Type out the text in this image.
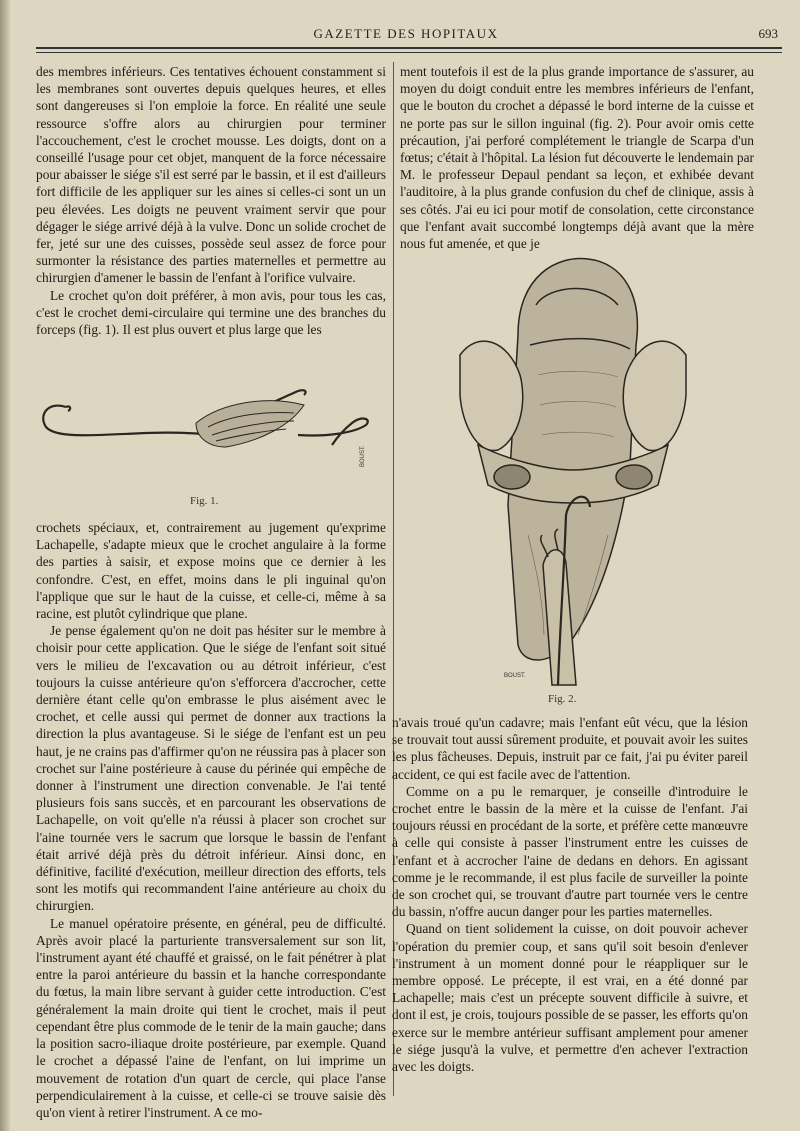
GAZETTE DES HOPITAUX	693

des membres inférieurs. Ces tentatives échouent constamment si les membranes sont ouvertes depuis quelques heures, et elles sont dangereuses si l'on emploie la force. En réalité une seule ressource s'offre alors au chirurgien pour terminer l'accouchement, c'est le crochet mousse. Les doigts, dont on a conseillé l'usage pour cet objet, manquent de la force nécessaire pour abaisser le siége s'il est serré par le bassin, et il est d'ailleurs fort difficile de les appliquer sur les aines si celles-ci sont un un peu élevées. Les doigts ne peuvent vraiment servir que pour dégager le siége arrivé déjà à la vulve. Donc un solide crochet de fer, jeté sur une des cuisses, possède seul assez de force pour surmonter la résistance des parties maternelles et permettre au chirurgien d'amener le bassin de l'enfant à l'orifice vulvaire.

Le crochet qu'on doit préférer, à mon avis, pour tous les cas, c'est le crochet demi-circulaire qui termine une des branches du forceps (fig. 1). Il est plus ouvert et plus large que les

BOUST.
Fig. 1.

crochets spéciaux, et, contrairement au jugement qu'exprime Lachapelle, s'adapte mieux que le crochet angulaire à la forme des parties à saisir, et expose moins que ce dernier à les confondre. C'est, en effet, moins dans le pli inguinal qu'on l'applique que sur le haut de la cuisse, et celle-ci, même à sa racine, est plutôt cylindrique que plane.

Je pense également qu'on ne doit pas hésiter sur le membre à choisir pour cette application. Que le siége de l'enfant soit situé vers le milieu de l'excavation ou au détroit inférieur, c'est toujours la cuisse antérieure qu'on s'efforcera d'accrocher, cette dernière étant celle qu'on embrasse le plus aisément avec le crochet, et celle aussi qui permet de donner aux tractions la direction la plus avantageuse. Si le siége de l'enfant est un peu haut, je ne crains pas d'affirmer qu'on ne réussira pas à placer son crochet sur l'aine postérieure à cause du périnée qui empêche de donner à l'instrument une direction convenable. Je l'ai tenté plusieurs fois sans succès, et en parcourant les observations de Lachapelle, on voit qu'elle n'a réussi à placer son crochet sur l'aine tournée vers le sacrum que lorsque le bassin de l'enfant était arrivé déjà près du détroit inférieur. Ainsi donc, en définitive, facilité d'exécution, meilleur direction des efforts, tels sont les motifs qui recommandent l'aine antérieure au choix du chirurgien.

Le manuel opératoire présente, en général, peu de difficulté. Après avoir placé la parturiente transversalement sur son lit, l'instrument ayant été chauffé et graissé, on le fait pénétrer à plat entre la paroi antérieure du bassin et la hanche correspondante du fœtus, la main libre servant à guider cette introduction. C'est généralement la main droite qui tient le crochet, mais il peut cependant être plus commode de le tenir de la main gauche; dans la position sacro-iliaque droite postérieure, par exemple. Quand le crochet a dépassé l'aine de l'enfant, on lui imprime un mouvement de rotation d'un quart de cercle, qui place l'anse perpendiculairement à la cuisse, et celle-ci se trouve saisie dès qu'on vient à retirer l'instrument. A ce mo-

ment toutefois il est de la plus grande importance de s'assurer, au moyen du doigt conduit entre les membres inférieurs de l'enfant, que le bouton du crochet a dépassé le bord interne de la cuisse et ne porte pas sur le sillon inguinal (fig. 2). Pour avoir omis cette précaution, j'ai perforé complétement le triangle de Scarpa d'un fœtus; c'était à l'hôpital. La lésion fut découverte le lendemain par M. le professeur Depaul pendant sa leçon, et exhibée devant l'auditoire, à la plus grande confusion du chef de clinique, assis à ses côtés. J'ai eu ici pour motif de consolation, cette circonstance que l'enfant avait succombé longtemps déjà avant que la mère nous fut amenée, et que je

BOUST.
Fig. 2.

n'avais troué qu'un cadavre; mais l'enfant eût vécu, que la lésion se trouvait tout aussi sûrement produite, et pouvait avoir les suites les plus fâcheuses. Depuis, instruit par ce fait, j'ai pu éviter pareil accident, ce qui est facile avec de l'attention.

Comme on a pu le remarquer, je conseille d'introduire le crochet entre le bassin de la mère et la cuisse de l'enfant. J'ai toujours réussi en procédant de la sorte, et préfère cette manœuvre à celle qui consiste à passer l'instrument entre les cuisses de l'enfant et à accrocher l'aine de dedans en dehors. En agissant comme je le recommande, il est plus facile de surveiller la pointe de son crochet qui, se trouvant d'autre part tournée vers le centre du bassin, n'offre aucun danger pour les parties maternelles.

Quand on tient solidement la cuisse, on doit pouvoir achever l'opération du premier coup, et sans qu'il soit besoin d'enlever l'instrument à un moment donné pour le réappliquer sur le membre opposé. Le précepte, il est vrai, en a été donné par Lachapelle; mais c'est un précepte souvent difficile à suivre, et dont il est, je crois, toujours possible de se passer, les efforts qu'on exerce sur le membre antérieur suffisant amplement pour amener le siége jusqu'à la vulve, et permettre d'en achever l'extraction avec les doigts.
